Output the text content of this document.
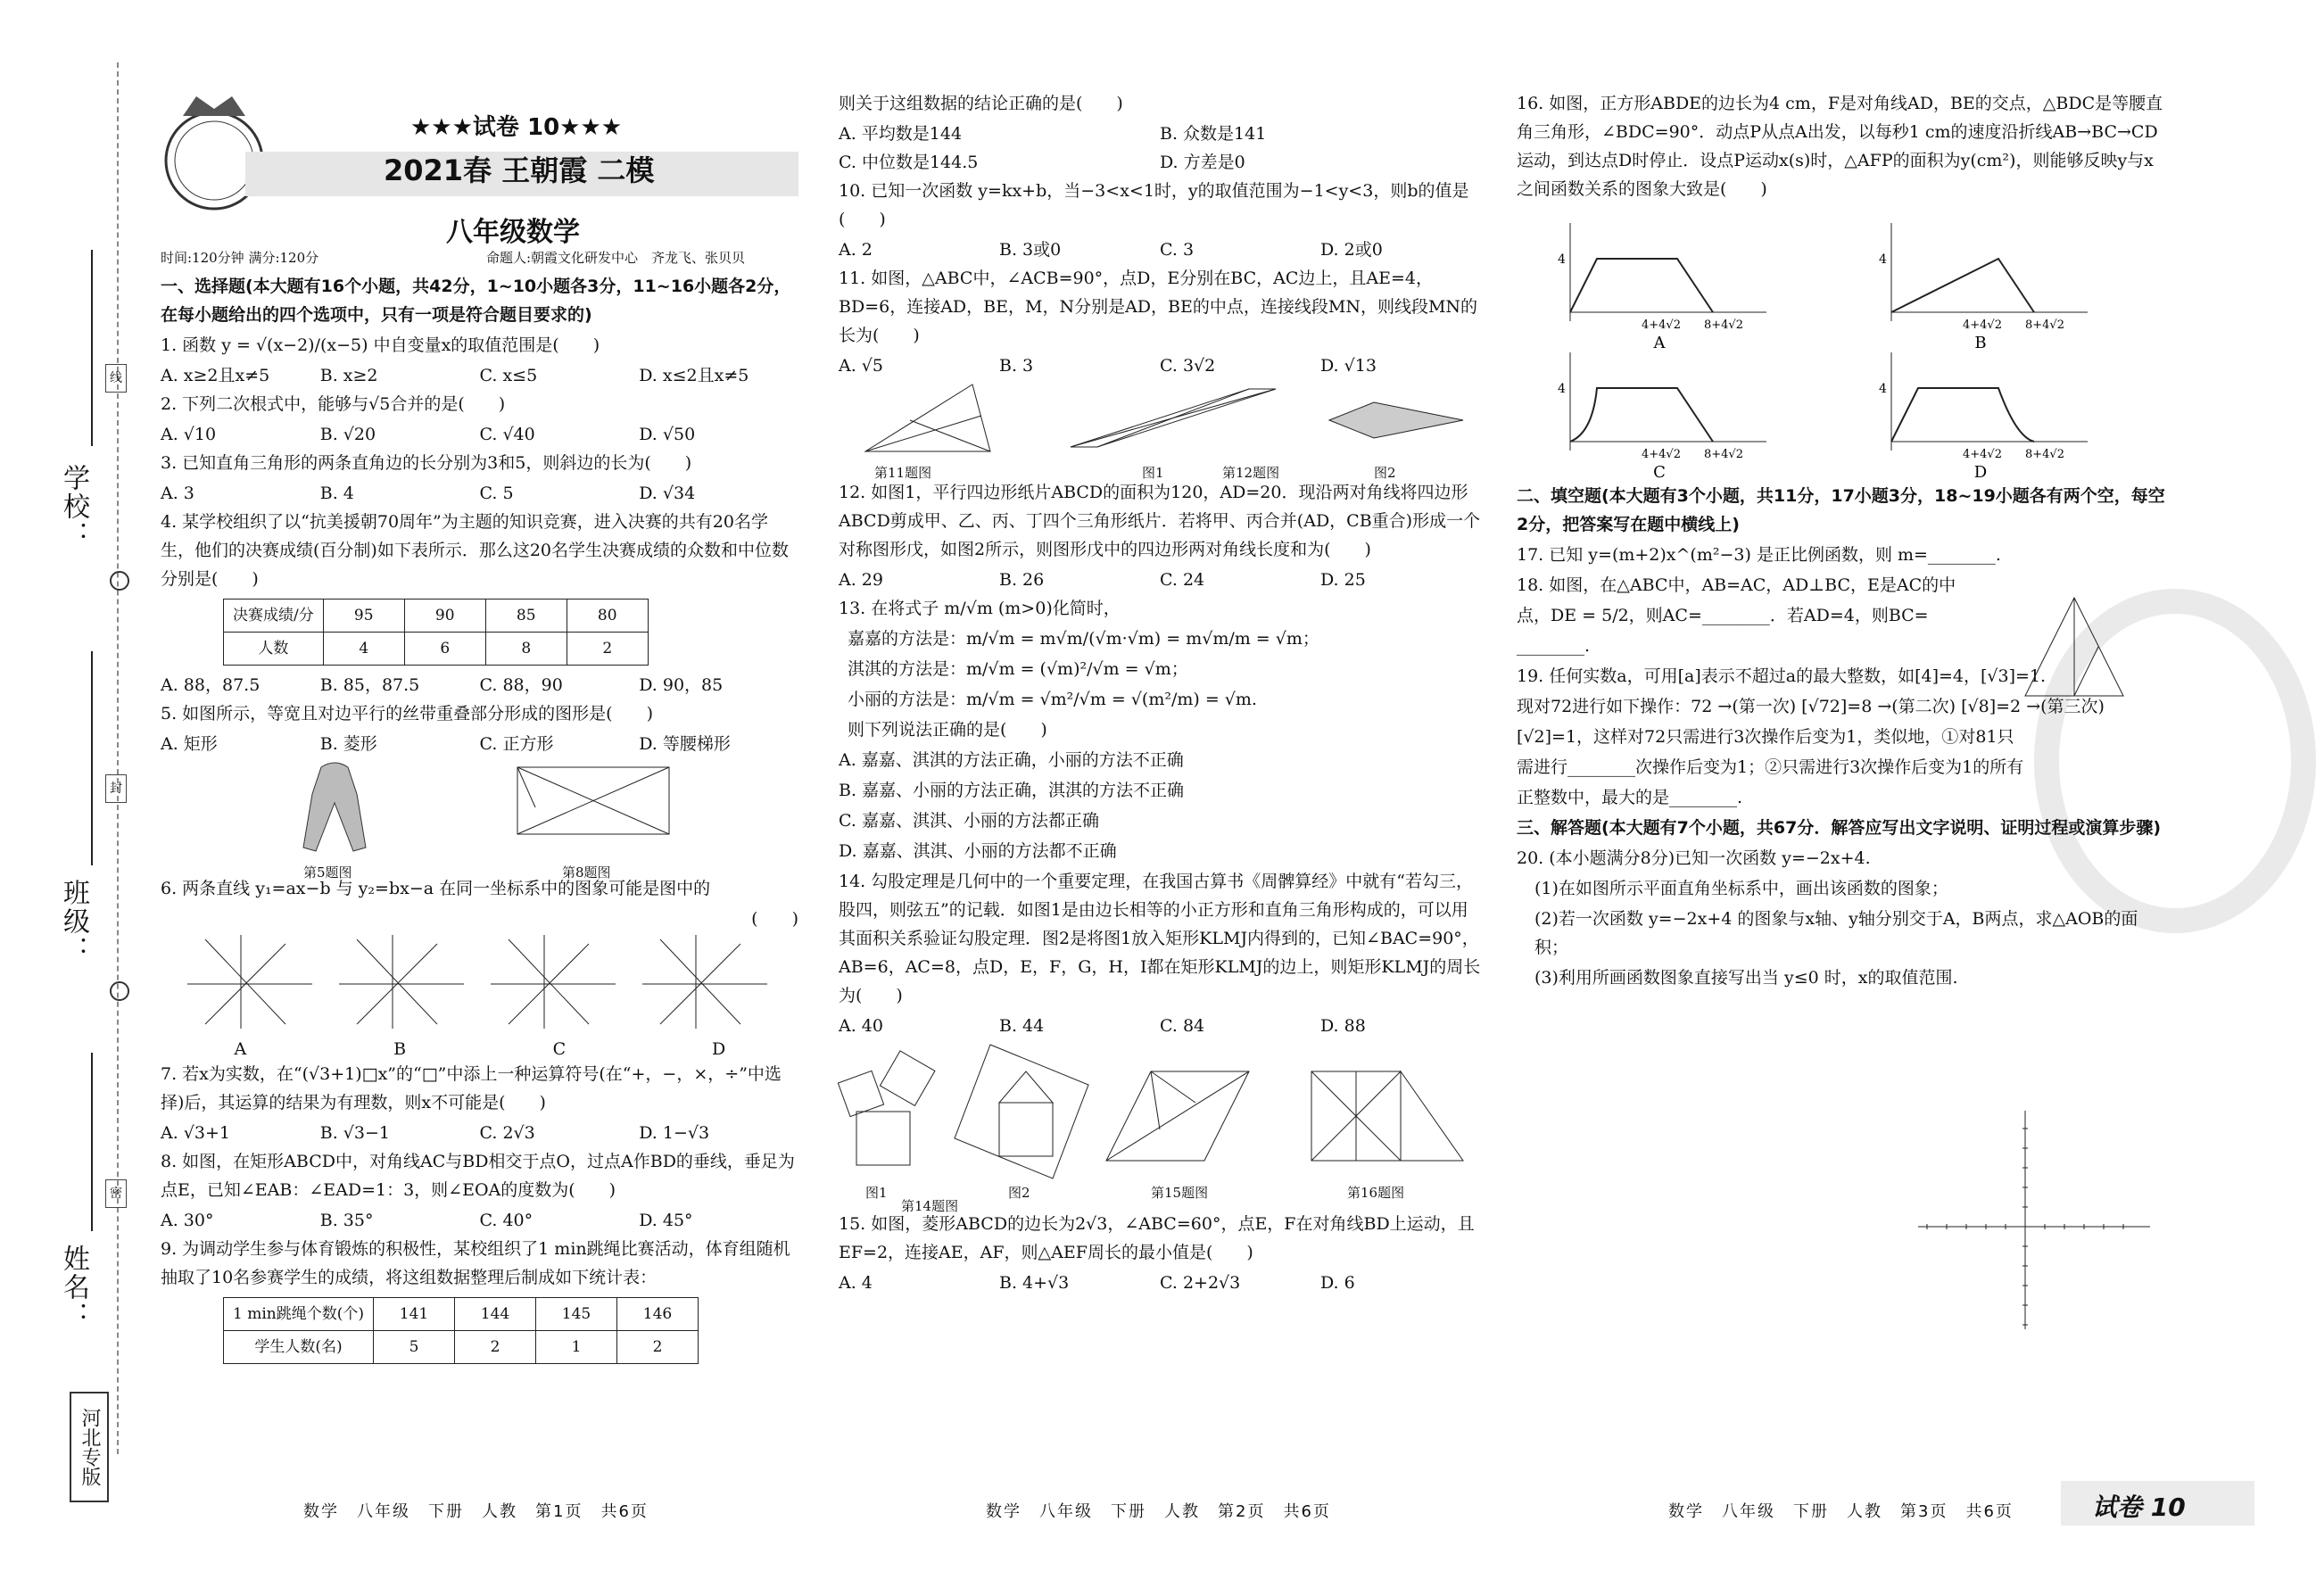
学校：
班级：
姓名：
线
封
密
河北专版
★★★试卷 10★★★
2021春 王朝霞 二模
八年级数学
时间:120分钟 满分:120分	命题人:朝霞文化研发中心　齐龙飞、张贝贝

一、选择题(本大题有16个小题，共42分，1~10小题各3分，11~16小题各2分，在每小题给出的四个选项中，只有一项是符合题目要求的)

1. 函数 y = √(x−2)/(x−5) 中自变量x的取值范围是(　　)

A. x≥2且x≠5	B. x≥2	C. x≤5	D. x≤2且x≠5

2. 下列二次根式中，能够与√5合并的是(　　)

A. √10	B. √20	C. √40	D. √50

3. 已知直角三角形的两条直角边的长分别为3和5，则斜边的长为(　　)

A. 3	B. 4	C. 5	D. √34

4. 某学校组织了以“抗美援朝70周年”为主题的知识竞赛，进入决赛的共有20名学生，他们的决赛成绩(百分制)如下表所示．那么这20名学生决赛成绩的众数和中位数分别是(　　)

决赛成绩/分	95	90	85	80
人数	4	6	8	2
A. 88，87.5	B. 85，87.5	C. 88，90	D. 90，85

5. 如图所示，等宽且对边平行的丝带重叠部分形成的图形是(　　)

A. 矩形	B. 菱形	C. 正方形	D. 等腰梯形
第5题图	第8题图

6. 两条直线 y₁=ax−b 与 y₂=bx−a 在同一坐标系中的图象可能是图中的

(　　)

A	B	C	D

7. 若x为实数，在“(√3+1)□x”的“□”中添上一种运算符号(在“+，−，×，÷”中选择)后，其运算的结果为有理数，则x不可能是(　　)

A. √3+1	B. √3−1	C. 2√3	D. 1−√3

8. 如图，在矩形ABCD中，对角线AC与BD相交于点O，过点A作BD的垂线，垂足为点E，已知∠EAB：∠EAD=1：3，则∠EOA的度数为(　　)

A. 30°	B. 35°	C. 40°	D. 45°

9. 为调动学生参与体育锻炼的积极性，某校组织了1 min跳绳比赛活动，体育组随机抽取了10名参赛学生的成绩，将这组数据整理后制成如下统计表：

1 min跳绳个数(个)	141	144	145	146
学生人数(名)	5	2	1	2

则关于这组数据的结论正确的是(　　)

A. 平均数是144	B. 众数是141
C. 中位数是144.5	D. 方差是0

10. 已知一次函数 y=kx+b，当−3<x<1时，y的取值范围为−1<y<3，则b的值是(　　)

A. 2	B. 3或0	C. 3	D. 2或0

11. 如图，△ABC中，∠ACB=90°，点D，E分别在BC，AC边上，且AE=4，BD=6，连接AD，BE，M，N分别是AD，BE的中点，连接线段MN，则线段MN的长为(　　)

A. √5	B. 3	C. 3√2	D. √13
第11题图	图1	第12题图	图2

12. 如图1，平行四边形纸片ABCD的面积为120，AD=20．现沿两对角线将四边形ABCD剪成甲、乙、丙、丁四个三角形纸片．若将甲、丙合并(AD，CB重合)形成一个对称图形戊，如图2所示，则图形戊中的四边形两对角线长度和为(　　)

A. 29	B. 26	C. 24	D. 25

13. 在将式子 m/√m (m>0)化简时，

嘉嘉的方法是：m/√m = m√m/(√m·√m) = m√m/m = √m；

淇淇的方法是：m/√m = (√m)²/√m = √m；

小丽的方法是：m/√m = √m²/√m = √(m²/m) = √m.

则下列说法正确的是(　　)

A. 嘉嘉、淇淇的方法正确，小丽的方法不正确

B. 嘉嘉、小丽的方法正确，淇淇的方法不正确

C. 嘉嘉、淇淇、小丽的方法都正确

D. 嘉嘉、淇淇、小丽的方法都不正确

14. 勾股定理是几何中的一个重要定理，在我国古算书《周髀算经》中就有“若勾三，股四，则弦五”的记载．如图1是由边长相等的小正方形和直角三角形构成的，可以用其面积关系验证勾股定理．图2是将图1放入矩形KLMJ内得到的，已知∠BAC=90°，AB=6，AC=8，点D，E，F，G，H，I都在矩形KLMJ的边上，则矩形KLMJ的周长为(　　)

A. 40	B. 44	C. 84	D. 88
图1
第14题图
图2	第15题图	第16题图

15. 如图，菱形ABCD的边长为2√3，∠ABC=60°，点E，F在对角线BD上运动，且EF=2，连接AE，AF，则△AEF周长的最小值是(　　)

A. 4	B. 4+√3	C. 2+2√3	D. 6

16. 如图，正方形ABDE的边长为4 cm，F是对角线AD，BE的交点，△BDC是等腰直角三角形，∠BDC=90°．动点P从点A出发，以每秒1 cm的速度沿折线AB→BC→CD运动，到达点D时停止．设点P运动x(s)时，△AFP的面积为y(cm²)，则能够反映y与x之间函数关系的图象大致是(　　)

A
4
4+4√2 8+4√2
B
4
4+4√2 8+4√2
C
4
4+4√2 8+4√2
D
4
4+4√2 8+4√2

二、填空题(本大题有3个小题，共11分，17小题3分，18~19小题各有两个空，每空2分，把答案写在题中横线上)

17. 已知 y=(m+2)x^(m²−3) 是正比例函数，则 m=________.

18. 如图，在△ABC中，AB=AC，AD⊥BC，E是AC的中

点，DE = 5/2，则AC=________．若AD=4，则BC=

________.

19. 任何实数a，可用[a]表示不超过a的最大整数，如[4]=4，[√3]=1.

现对72进行如下操作：72 →(第一次) [√72]=8 →(第二次) [√8]=2 →(第三次)

[√2]=1，这样对72只需进行3次操作后变为1，类似地，①对81只

需进行________次操作后变为1；②只需进行3次操作后变为1的所有

正整数中，最大的是________.

三、解答题(本大题有7个小题，共67分．解答应写出文字说明、证明过程或演算步骤)

20. (本小题满分8分)已知一次函数 y=−2x+4.

(1)在如图所示平面直角坐标系中，画出该函数的图象；

(2)若一次函数 y=−2x+4 的图象与x轴、y轴分别交于A，B两点，求△AOB的面积；

(3)利用所画函数图象直接写出当 y≤0 时，x的取值范围.

数学　八年级　下册　人教　第1页　共6页	数学　八年级　下册　人教　第2页　共6页	数学　八年级　下册　人教　第3页　共6页	试卷 10
